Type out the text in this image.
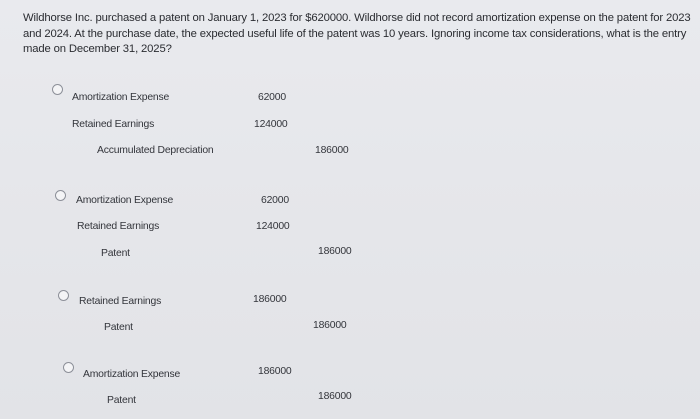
Wildhorse Inc. purchased a patent on January 1, 2023 for $620000. Wildhorse did not record amortization expense on the patent for 2023 and 2024. At the purchase date, the expected useful life of the patent was 10 years. Ignoring income tax considerations, what is the entry made on December 31, 2025?
Amortization Expense	62000
Retained Earnings	124000
Accumulated Depreciation	186000
Amortization Expense	62000
Retained Earnings	124000
Patent	186000
Retained Earnings	186000
Patent	186000
Amortization Expense	186000
Patent	186000
